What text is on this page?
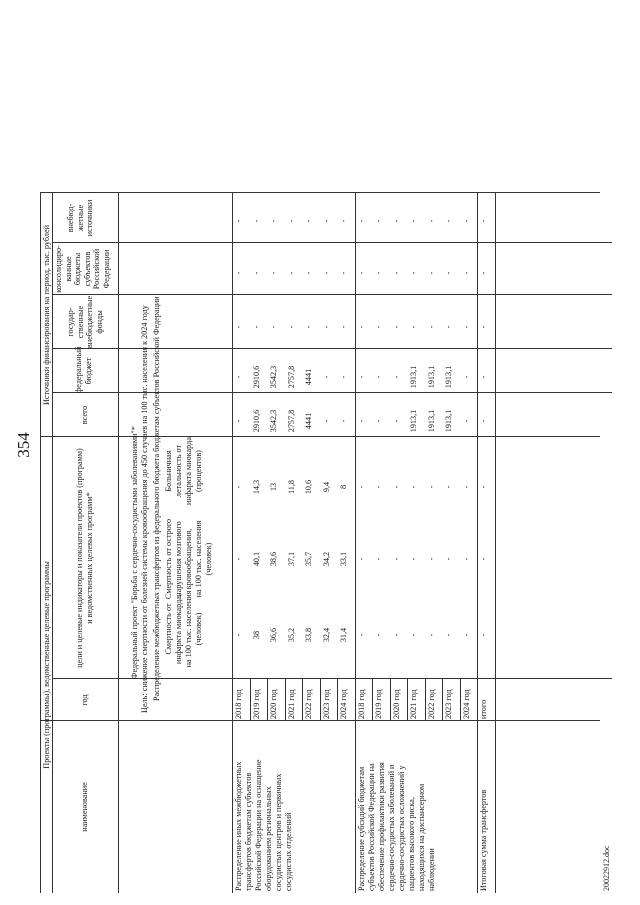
354
Проекты (программы), ведомственные целевые программы
Источники финансирования на период, тыс. рублей
наименование
год
цели и целевые индикаторы и показатели проектов (программ) и ведомственных целевых программ*
всего
федеральный бюджет
государ- ственные внебюджетные фонды
консолидиро- ванные бюджеты субъектов Российской Федерации
внебюд- жетные источники
Федеральный проект "Борьба с сердечно-сосудистыми заболеваниями"* Цель: снижение смертности от болезней системы кровообращения до 450 случаев на 100 тыс. населения к 2024 году Распределение межбюджетных трансфертов из федерального бюджета бюджетам субъектов Российской Федерации Смертность от инфаркта миокарда, на 100 тыс. населения (человек)
Смертность от острого нарушения мозгового кровообращения, на 100 тыс. населения (человек)
Больничная летальность от инфаркта миокарда (процентов)
Распределение иных межбюджетных трансфертов бюджетам субъектов Российской Федерации на оснащение оборудованием региональных сосудистых центров и первичных сосудистых отделений
2018 год
-
-
-
-
-
-
-
-
2019 год
38
40,1
14,3
2910,6
2910,6
-
-
-
2020 год
36,6
38,6
13
3542,3
3542,3
-
-
-
2021 год
35,2
37,1
11,8
2757,8
2757,8
-
-
-
2022 год
33,8
35,7
10,6
4441
4441
-
-
-
2023 год
32,4
34,2
9,4
-
-
-
-
-
2024 год
31,4
33,1
8
-
-
-
-
-
Распределение субсидий бюджетам субъектов Российской Федерации на обеспечение профилактики развития сердечно-сосудистых заболеваний и сердечно-сосудистых осложнений у пациентов высокого риска, находящихся на диспансерном наблюдении
2018 год
-
-
-
-
-
-
-
-
2019 год
-
-
-
-
-
-
-
-
2020 год
-
-
-
-
-
-
-
-
2021 год
-
-
-
1913,1
1913,1
-
-
-
2022 год
-
-
-
1913,1
1913,1
-
-
-
2023 год
-
-
-
1913,1
1913,1
-
-
-
2024 год
-
-
-
-
-
-
-
-
Итоговая сумма трансфертов
итого
-
-
-
-
-
-
-
-
20022912.doc
